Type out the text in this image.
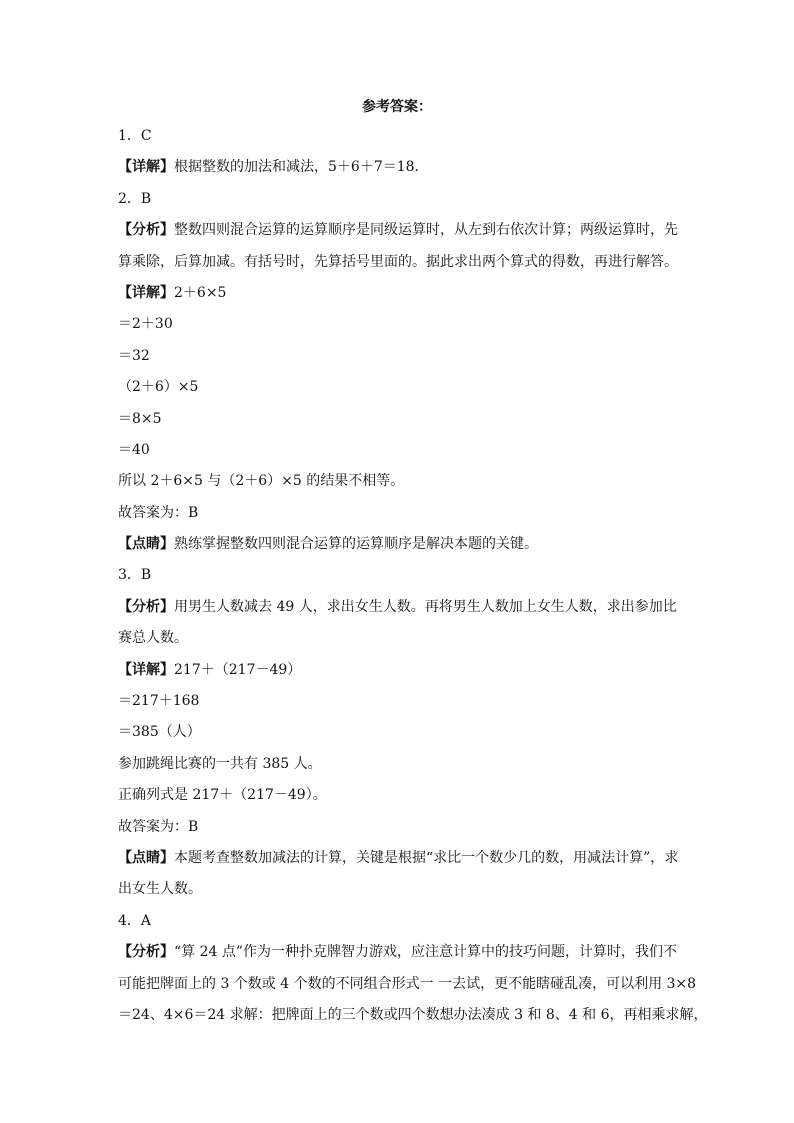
参考答案：
1．C
【详解】根据整数的加法和减法，5＋6＋7＝18．
2．B
【分析】整数四则混合运算的运算顺序是同级运算时，从左到右依次计算；两级运算时，先
算乘除，后算加减。有括号时，先算括号里面的。据此求出两个算式的得数，再进行解答。
【详解】2＋6×5
＝2＋30
＝32
（2＋6）×5
＝8×5
＝40
所以 2＋6×5 与（2＋6）×5 的结果不相等。
故答案为：B
【点睛】熟练掌握整数四则混合运算的运算顺序是解决本题的关键。
3．B
【分析】用男生人数减去 49 人，求出女生人数。再将男生人数加上女生人数，求出参加比
赛总人数。
【详解】217＋（217－49）
＝217＋168
＝385（人）
参加跳绳比赛的一共有 385 人。
正确列式是 217＋（217－49）。
故答案为：B
【点睛】本题考查整数加减法的计算，关键是根据“求比一个数少几的数，用减法计算”，求
出女生人数。
4．A
【分析】“算 24 点”作为一种扑克牌智力游戏，应注意计算中的技巧问题，计算时，我们不
可能把牌面上的 3 个数或 4 个数的不同组合形式一 一去试，更不能瞎碰乱凑，可以利用 3×8
＝24、4×6＝24 求解：把牌面上的三个数或四个数想办法凑成 3 和 8、4 和 6，再相乘求解，
